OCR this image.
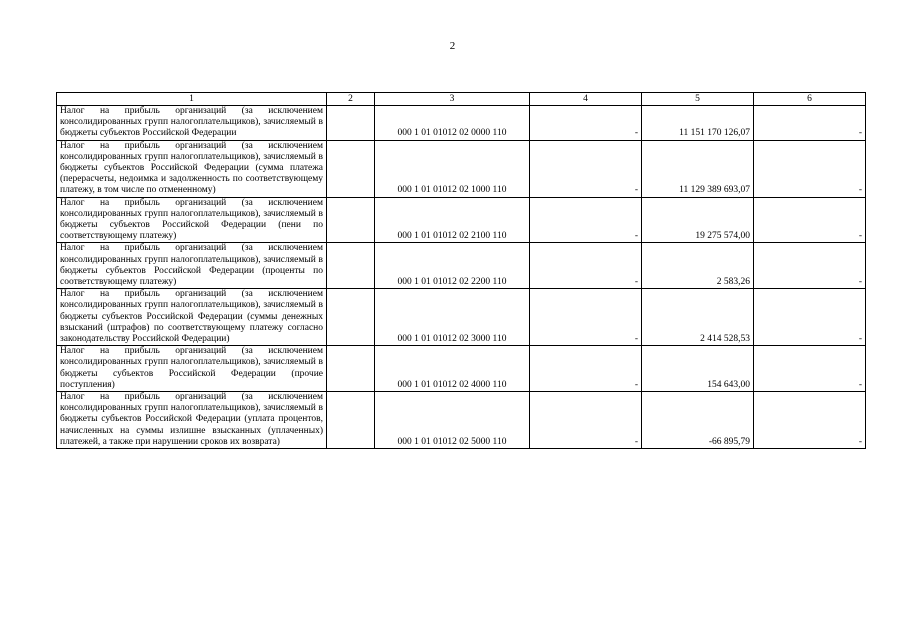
2
1	2	3	4	5	6
Налог на прибыль организаций (за исключением консолидированных групп налогоплательщиков), зачисляемый в бюджеты субъектов Российской Федерации		000 1 01 01012 02 0000 110	-	11 151 170 126,07	-
Налог на прибыль организаций (за исключением консолидированных групп налогоплательщиков), зачисляемый в бюджеты субъектов Российской Федерации (сумма платежа (перерасчеты, недоимка и задолженность по соответствующему платежу, в том числе по отмененному)		000 1 01 01012 02 1000 110	-	11 129 389 693,07	-
Налог на прибыль организаций (за исключением консолидированных групп налогоплательщиков), зачисляемый в бюджеты субъектов Российской Федерации (пени по соответствующему платежу)		000 1 01 01012 02 2100 110	-	19 275 574,00	-
Налог на прибыль организаций (за исключением консолидированных групп налогоплательщиков), зачисляемый в бюджеты субъектов Российской Федерации (проценты по соответствующему платежу)		000 1 01 01012 02 2200 110	-	2 583,26	-
Налог на прибыль организаций (за исключением консолидированных групп налогоплательщиков), зачисляемый в бюджеты субъектов Российской Федерации (суммы денежных взысканий (штрафов) по соответствующему платежу согласно законодательству Российской Федерации)		000 1 01 01012 02 3000 110	-	2 414 528,53	-
Налог на прибыль организаций (за исключением консолидированных групп налогоплательщиков), зачисляемый в бюджеты субъектов Российской Федерации (прочие поступления)		000 1 01 01012 02 4000 110	-	154 643,00	-
Налог на прибыль организаций (за исключением консолидированных групп налогоплательщиков), зачисляемый в бюджеты субъектов Российской Федерации (уплата процентов, начисленных на суммы излишне взысканных (уплаченных) платежей, а также при нарушении сроков их возврата)		000 1 01 01012 02 5000 110	-	-66 895,79	-
